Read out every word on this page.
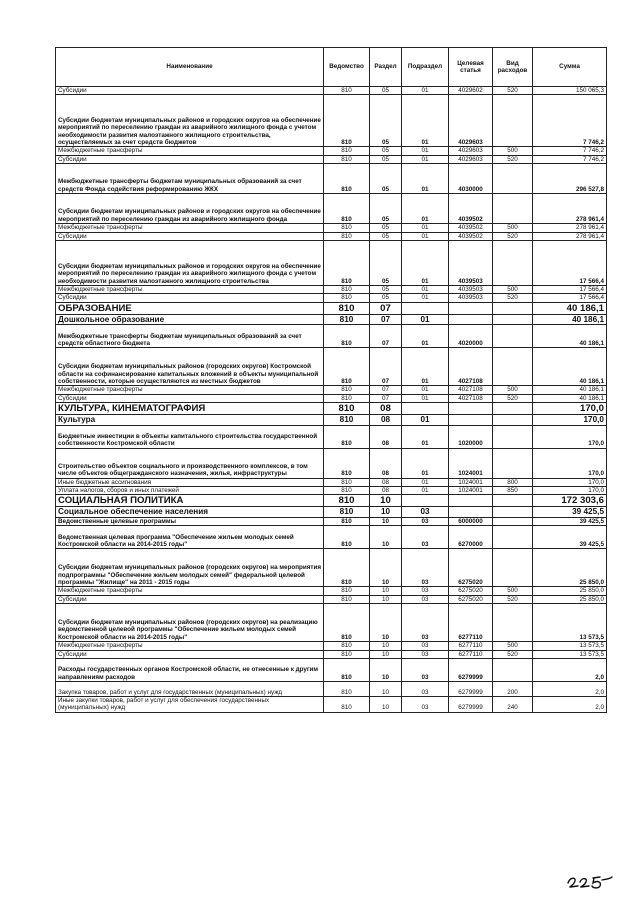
Наименование	Ведомство	Раздел	Подраздел	Целевая статья	Вид расходов	Сумма
Субсидии	810	05	01	4029602	520	150 065,3
Субсидии бюджетам муниципальных районов и городских округов на обеспечение мероприятий по переселению граждан из аварийного жилищного фонда с учетом необходимости развития малоэтажного жилищного строительства, осуществляемых за счет средств бюджетов	810	05	01	4029603		7 746,2
Межбюджетные трансферты	810	05	01	4029603	500	7 746,2
Субсидии	810	05	01	4029603	520	7 746,2
Межбюджетные трансферты бюджетам муниципальных образований за счет средств Фонда содействия реформированию ЖКХ	810	05	01	4030000		296 527,8
Субсидии бюджетам муниципальных районов и городских округов на обеспечение мероприятий по переселению граждан из аварийного жилищного фонда	810	05	01	4039502		278 961,4
Межбюджетные трансферты	810	05	01	4039502	500	278 961,4
Субсидии	810	05	01	4039502	520	278 961,4
Субсидии бюджетам муниципальных районов и городских округов на обеспечение мероприятий по переселению граждан из аварийного жилищного фонда с учетом необходимости развития малоэтажного жилищного строительства	810	05	01	4039503		17 566,4
Межбюджетные трансферты	810	05	01	4039503	500	17 566,4
Субсидии	810	05	01	4039503	520	17 566,4
ОБРАЗОВАНИЕ	810	07				40 186,1
Дошкольное образование	810	07	01			40 186,1
Межбюджетные трансферты бюджетам муниципальных образований за счет средств областного бюджета	810	07	01	4020000		40 186,1
Субсидии бюджетам муниципальных районов (городских округов) Костромской области на софинансирование капитальных вложений в объекты муниципальной собственности, которые осуществляются из местных бюджетов	810	07	01	4027108		40 186,1
Межбюджетные трансферты	810	07	01	4027108	500	40 186,1
Субсидии	810	07	01	4027108	520	40 186,1
КУЛЬТУРА, КИНЕМАТОГРАФИЯ	810	08				170,0
Культура	810	08	01			170,0
Бюджетные инвестиции в объекты капитального строительства государственной собственности Костромской области	810	08	01	1020000		170,0
Строительство объектов социального и производственного комплексов, в том числе объектов общегражданского назначения, жилья, инфраструктуры	810	08	01	1024001		170,0
Иные бюджетные ассигнования	810	08	01	1024001	800	170,0
Уплата налогов, сборов и иных платежей	810	08	01	1024001	850	170,0
СОЦИАЛЬНАЯ ПОЛИТИКА	810	10				172 303,6
Социальное обеспечение населения	810	10	03			39 425,5
Ведомственные целевые программы	810	10	03	6000000		39 425,5
Ведомственная целевая программа "Обеспечение жильем молодых семей Костромской области на 2014-2015 годы"	810	10	03	6270000		39 425,5
Субсидии бюджетам муниципальных районов (городских округов) на мероприятия подпрограммы "Обеспечение жильем молодых семей" федеральной целевой программы "Жилище" на 2011 - 2015 годы	810	10	03	6275020		25 850,0
Межбюджетные трансферты	810	10	03	6275020	500	25 850,0
Субсидии	810	10	03	6275020	520	25 850,0
Субсидии бюджетам муниципальных районов (городских округов) на реализацию ведомственной целевой программы "Обеспечение жильем молодых семей Костромской области на 2014-2015 годы"	810	10	03	6277110		13 573,5
Межбюджетные трансферты	810	10	03	6277110	500	13 573,5
Субсидии	810	10	03	6277110	520	13 573,5
Расходы государственных органов Костромской области, не отнесенные к другим направлениям расходов	810	10	03	6279999		2,0
Закупка товаров, работ и услуг для государственных (муниципальных) нужд	810	10	03	6279999	200	2,0
Иные закупки товаров, работ и услуг для обеспечения государственных (муниципальных) нужд	810	10	03	6279999	240	2,0
